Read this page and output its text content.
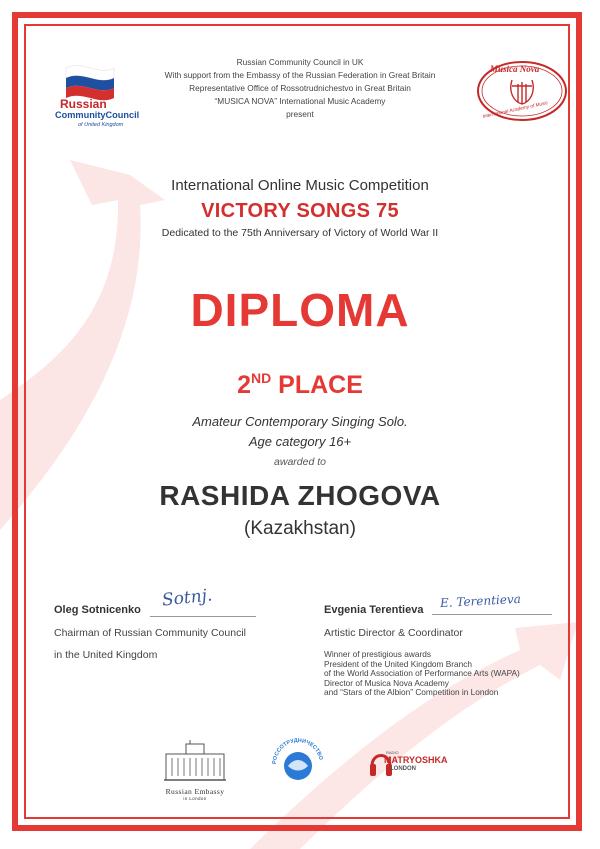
Russian
CommunityCouncil
of United Kingdom
Russian Community Council in UK
With support from the Embassy of the Russian Federation in Great Britain
Representative Office of Rossotrudnichestvo in Great Britain
“MUSICA NOVA” International Music Academy
present
Musica Nova
International Academy of Music
International Online Music Competition
VICTORY SONGS 75
Dedicated to the 75th Anniversary of Victory of World War II
DIPLOMA
2ND PLACE
Amateur Contemporary Singing Solo.
Age category 16+
awarded to
RASHIDA ZHOGOVA
(Kazakhstan)
Oleg Sotnicenko Sotnj.
Chairman of Russian Community Council
in the United Kingdom
Evgenia Terentieva E. Terentieva
Artistic Director & Coordinator
Winner of prestigious awards
President of the United Kingdom Branch
of the World Association of Performance Arts (WAPA)
Director of Musica Nova Academy
and “Stars of the Albion” Competition in London
Russian Embassy
in London
РОССОТРУДНИЧЕСТВО
RADIO
MATRYOSHKA
LONDON
